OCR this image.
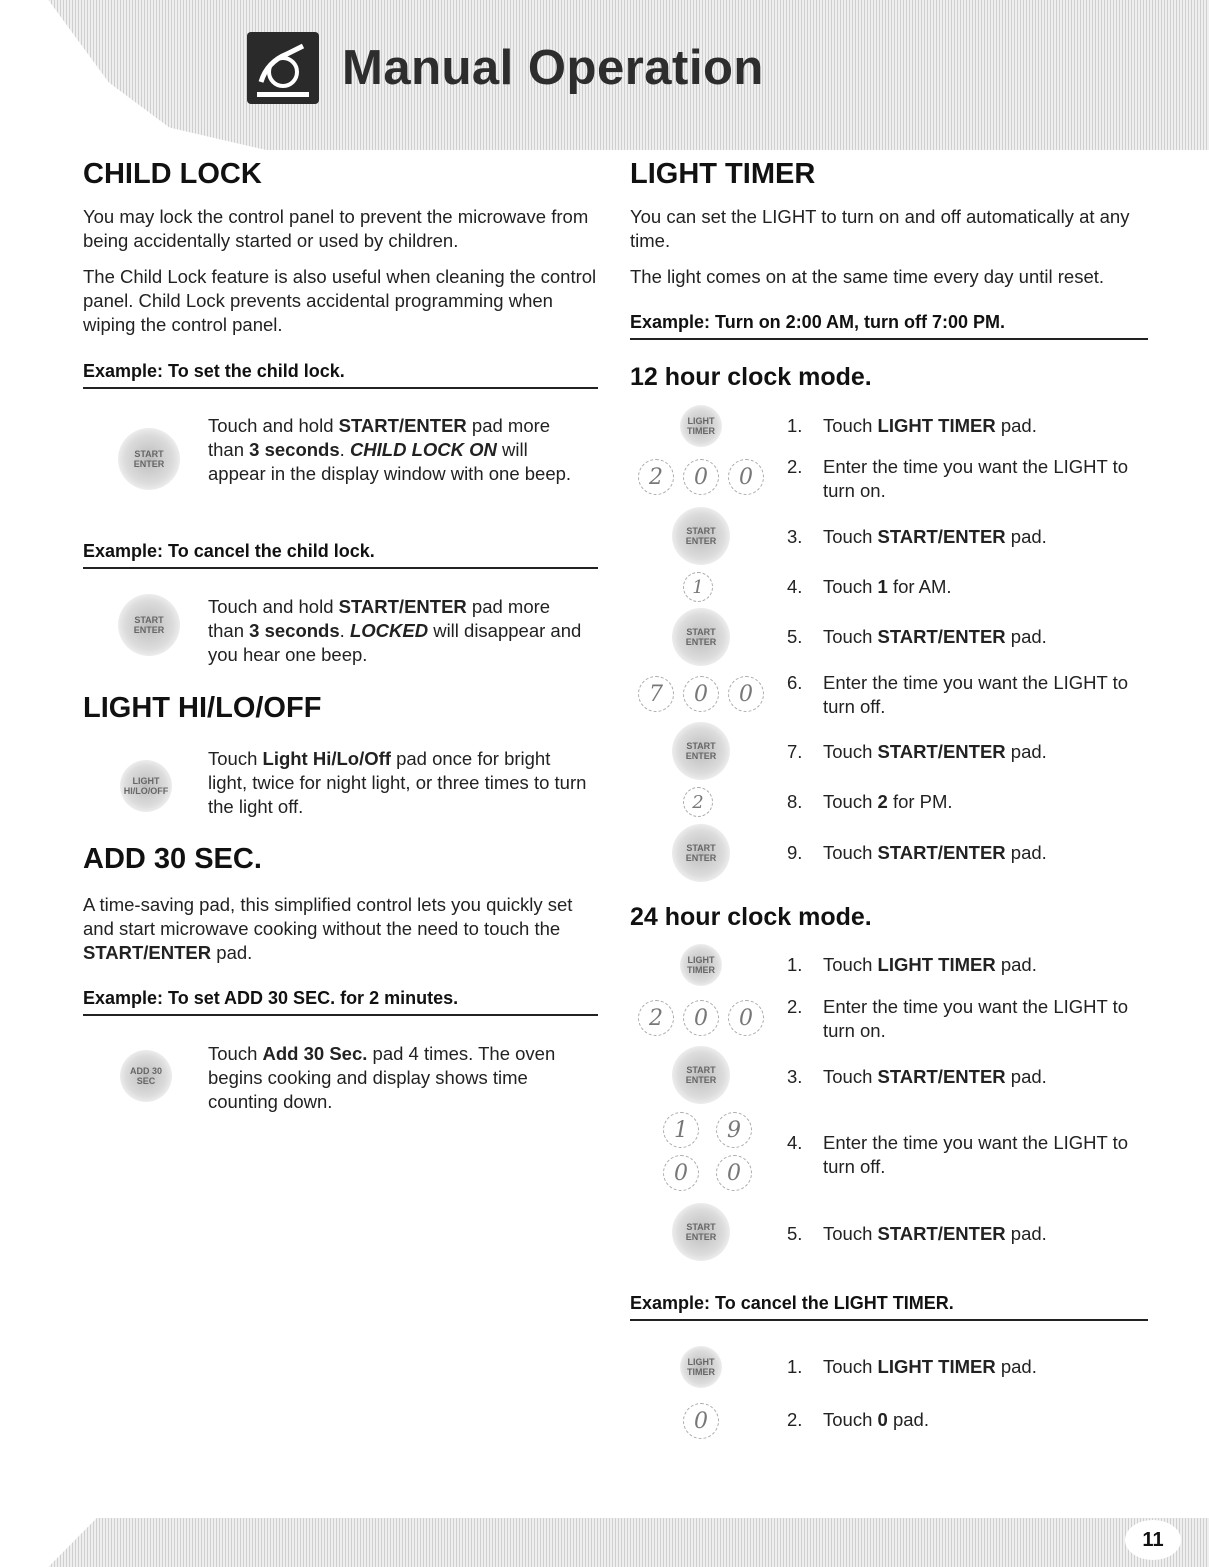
Manual Operation
CHILD LOCK

You may lock the control panel to prevent the microwave from being accidentally started or used by children.

The Child Lock feature is also useful when cleaning the control panel. Child Lock prevents accidental programming when wiping the control panel.

Example: To set the child lock.
START ENTER

Touch and hold START/ENTER pad more than 3 seconds. CHILD LOCK ON will appear in the display window with one beep.

Example: To cancel the child lock.
START ENTER

Touch and hold START/ENTER pad more than 3 seconds. LOCKED will disappear and you hear one beep.

LIGHT HI/LO/OFF
LIGHT HI/LO/OFF

Touch Light Hi/Lo/Off pad once for bright light, twice for night light, or three times to turn the light off.

ADD 30 SEC.

A time-saving pad, this simplified control lets you quickly set and start microwave cooking without the need to touch the START/ENTER pad.

Example: To set ADD 30 SEC. for 2 minutes.
ADD 30 SEC

Touch Add 30 Sec. pad 4 times. The oven begins cooking and display shows time counting down.

LIGHT TIMER

You can set the LIGHT to turn on and off automatically at any time.

The light comes on at the same time every day until reset.

Example: Turn on 2:00 AM, turn off 7:00 PM.
12 hour clock mode.
LIGHT TIMER
2	0	0
START ENTER
1
START ENTER
7	0	0
START ENTER
2
START ENTER
1. Touch LIGHT TIMER pad.
2. Enter the time you want the LIGHT to turn on.
3. Touch START/ENTER pad.
4. Touch 1 for AM.
5. Touch START/ENTER pad.
6. Enter the time you want the LIGHT to turn off.
7. Touch START/ENTER pad.
8. Touch 2 for PM.
9. Touch START/ENTER pad.
24 hour clock mode.
LIGHT TIMER
2	0	0
START ENTER
1	9
0	0
START ENTER
1. Touch LIGHT TIMER pad.
2. Enter the time you want the LIGHT to turn on.
3. Touch START/ENTER pad.
4. Enter the time you want the LIGHT to turn off.
5. Touch START/ENTER pad.
Example: To cancel the LIGHT TIMER.
LIGHT TIMER
0
1. Touch LIGHT TIMER pad.
2. Touch 0 pad.
11
